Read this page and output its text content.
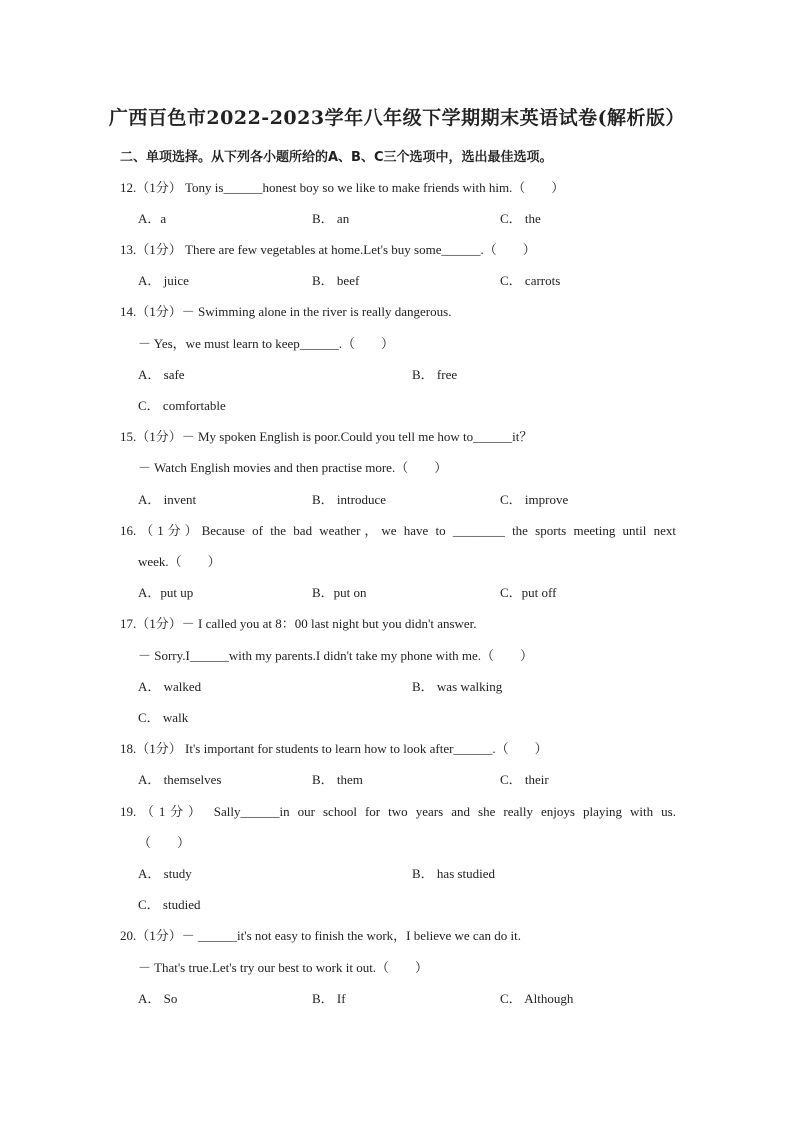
广西百色市2022-2023学年八年级下学期期末英语试卷(解析版）
二、单项选择。从下列各小题所给的A、B、C三个选项中，选出最佳选项。
12.（1分） Tony is______honest boy so we like to make friends with him.（　　）
A．a	B． an	C． the
13.（1分） There are few vegetables at home.Let's buy some______.（　　）
A． juice	B． beef	C． carrots
14.（1分）－ Swimming alone in the river is really dangerous.
－ Yes，we must learn to keep______.（　　）
A． safe	B． free
C． comfortable
15.（1分）－ My spoken English is poor.Could you tell me how to______it？
－ Watch English movies and then practise more.（　　）
A． invent	B． introduce	C． improve
16.（1分）Because of the bad weather，we have to ________ the sports meeting until next
week.（　　）
A．put up	B．put on	C．put off
17.（1分）－ I called you at 8：00 last night but you didn't answer.
－ Sorry.I______with my parents.I didn't take my phone with me.（　　）
A． walked	B． was walking
C． walk
18.（1分） It's important for students to learn how to look after______.（　　）
A． themselves	B． them	C． their
19.（1分） Sally______in our school for two years and she really enjoys playing with us.
（　　）
A． study	B． has studied
C． studied
20.（1分）－ ______it's not easy to finish the work，I believe we can do it.
－ That's true.Let's try our best to work it out.（　　）
A． So	B． If	C． Although
